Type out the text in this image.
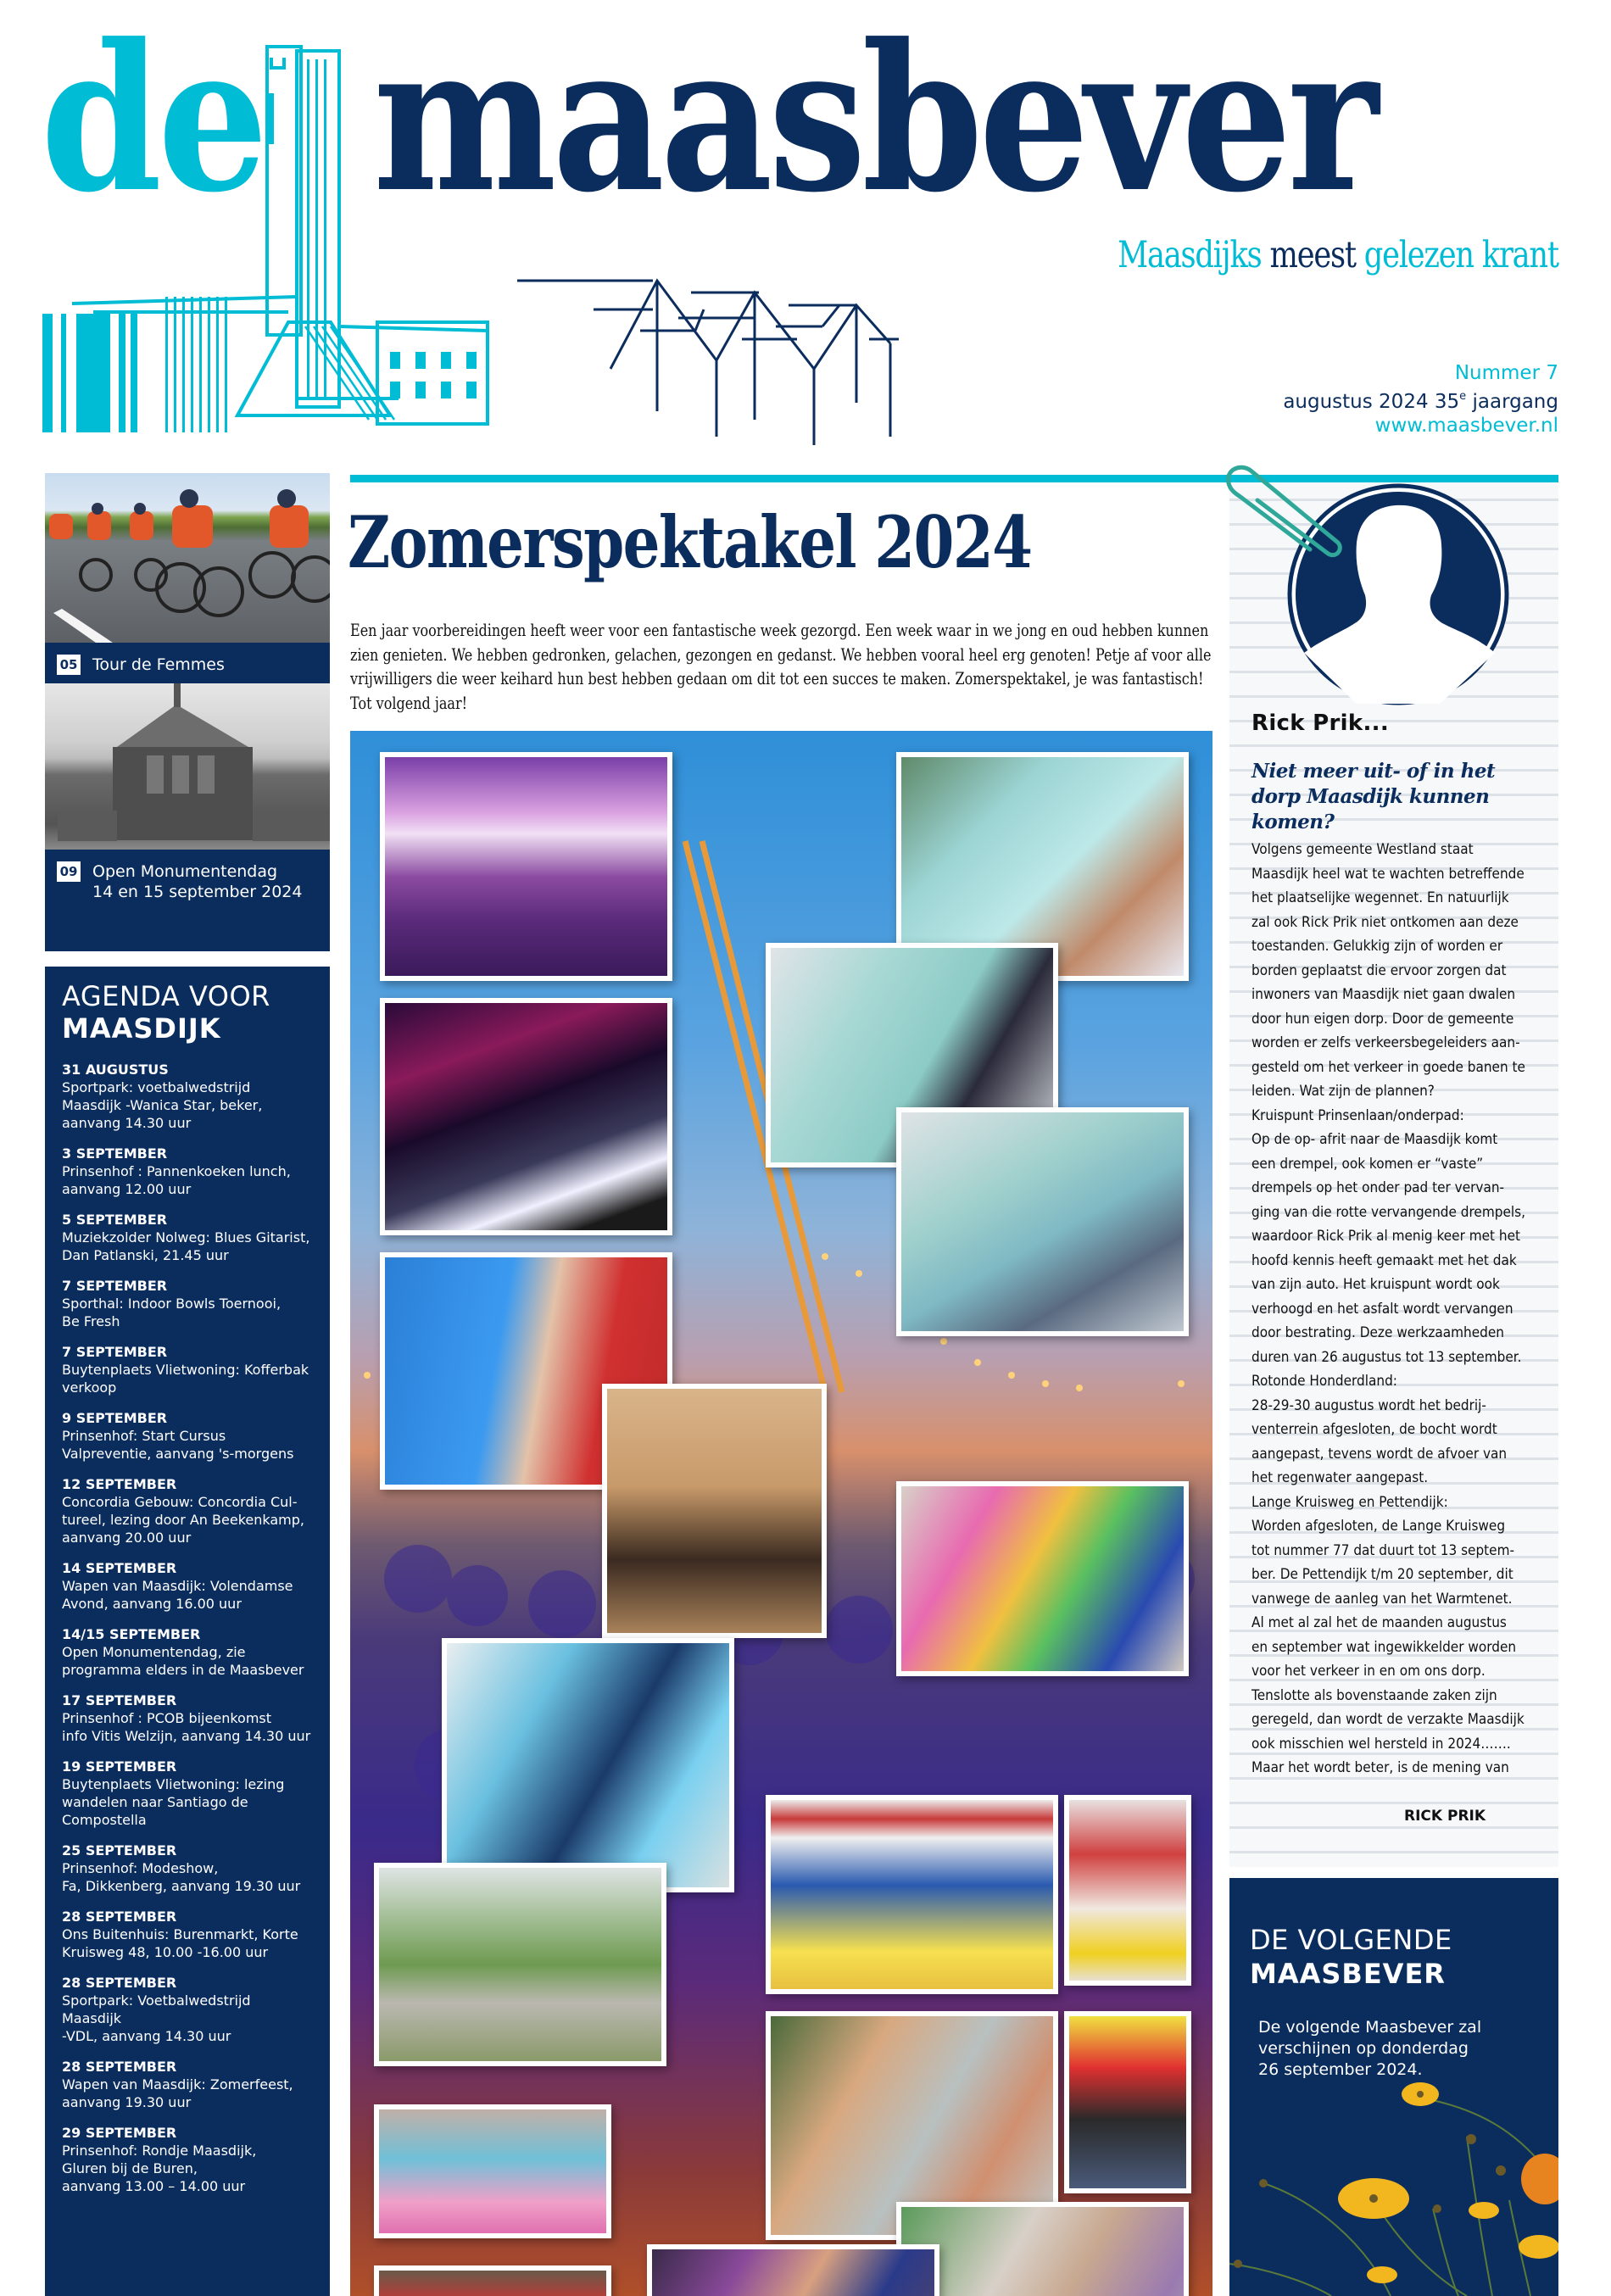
de maasbever
Maasdijks meest gelezen krant
Nummer 7
augustus 2024 35e jaargang
www.maasbever.nl
05 Tour de Femmes
09 Open Monumentendag
14 en 15 september 2024
AGENDA VOOR
MAASDIJK
31 AUGUSTUS
Sportpark: voetbalwedstrijd
Maasdijk -Wanica Star, beker,
aanvang 14.30 uur
3 SEPTEMBER
Prinsenhof : Pannenkoeken lunch,
aanvang 12.00 uur
5 SEPTEMBER
Muziekzolder Nolweg: Blues Gitarist,
Dan Patlanski, 21.45 uur
7 SEPTEMBER
Sporthal: Indoor Bowls Toernooi,
Be Fresh
7 SEPTEMBER
Buytenplaets Vlietwoning: Kofferbak
verkoop
9 SEPTEMBER
Prinsenhof: Start Cursus
Valpreventie, aanvang 's-morgens
12 SEPTEMBER
Concordia Gebouw: Concordia Cul-
tureel, lezing door An Beekenkamp,
aanvang 20.00 uur
14 SEPTEMBER
Wapen van Maasdijk: Volendamse
Avond, aanvang 16.00 uur
14/15 SEPTEMBER
Open Monumentendag, zie
programma elders in de Maasbever
17 SEPTEMBER
Prinsenhof : PCOB bijeenkomst
info Vitis Welzijn, aanvang 14.30 uur
19 SEPTEMBER
Buytenplaets Vlietwoning: lezing
wandelen naar Santiago de
Compostella
25 SEPTEMBER
Prinsenhof: Modeshow,
Fa, Dikkenberg, aanvang 19.30 uur
28 SEPTEMBER
Ons Buitenhuis: Burenmarkt, Korte
Kruisweg 48, 10.00 -16.00 uur
28 SEPTEMBER
Sportpark: Voetbalwedstrijd Maasdijk
-VDL, aanvang 14.30 uur
28 SEPTEMBER
Wapen van Maasdijk: Zomerfeest,
aanvang 19.30 uur
29 SEPTEMBER
Prinsenhof: Rondje Maasdijk,
Gluren bij de Buren,
aanvang 13.00 – 14.00 uur
Zomerspektakel 2024

Een jaar voorbereidingen heeft weer voor een fantastische week gezorgd. Een week waar in we jong en oud hebben kunnen zien genieten. We hebben gedronken, gelachen, gezongen en gedanst. We hebben vooral heel erg genoten! Petje af voor alle vrijwilligers die weer keihard hun best hebben gedaan om dit tot een succes te maken. Zomerspektakel, je was fantastisch! Tot volgend jaar!

Rick Prik...
Niet meer uit- of in het dorp Maasdijk kunnen komen?
Volgens gemeente Westland staat
Maasdijk heel wat te wachten betreffende
het plaatselijke wegennet. En natuurlijk
zal ook Rick Prik niet ontkomen aan deze
toestanden. Gelukkig zijn of worden er
borden geplaatst die ervoor zorgen dat
inwoners van Maasdijk niet gaan dwalen
door hun eigen dorp. Door de gemeente
worden er zelfs verkeersbegeleiders aan-
gesteld om het verkeer in goede banen te
leiden. Wat zijn de plannen?
Kruispunt Prinsenlaan/onderpad:
Op de op- afrit naar de Maasdijk komt
een drempel, ook komen er “vaste”
drempels op het onder pad ter vervan-
ging van die rotte vervangende drempels,
waardoor Rick Prik al menig keer met het
hoofd kennis heeft gemaakt met het dak
van zijn auto. Het kruispunt wordt ook
verhoogd en het asfalt wordt vervangen
door bestrating. Deze werkzaamheden
duren van 26 augustus tot 13 september.
Rotonde Honderdland:
28-29-30 augustus wordt het bedrij-
venterrein afgesloten, de bocht wordt
aangepast, tevens wordt de afvoer van
het regenwater aangepast.
Lange Kruisweg en Pettendijk:
Worden afgesloten, de Lange Kruisweg
tot nummer 77 dat duurt tot 13 septem-
ber. De Pettendijk t/m 20 september, dit
vanwege de aanleg van het Warmtenet.
Al met al zal het de maanden augustus
en september wat ingewikkelder worden
voor het verkeer in en om ons dorp.
Tenslotte als bovenstaande zaken zijn
geregeld, dan wordt de verzakte Maasdijk
ook misschien wel hersteld in 2024…….
Maar het wordt beter, is de mening van
RICK PRIK
DE VOLGENDE
MAASBEVER
De volgende Maasbever zal
verschijnen op donderdag
26 september 2024.
